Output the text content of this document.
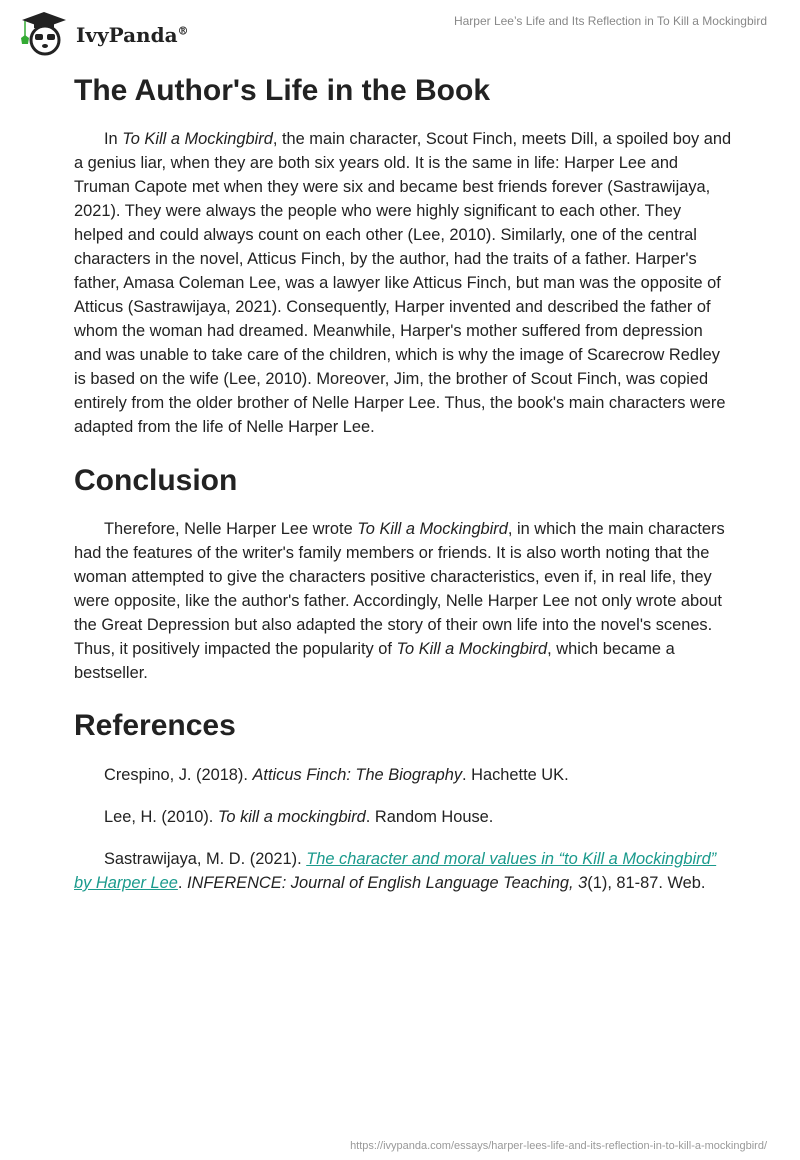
IvyPanda®
Harper Lee’s Life and Its Reflection in To Kill a Mockingbird
The Author's Life in the Book

In To Kill a Mockingbird, the main character, Scout Finch, meets Dill, a spoiled boy and a genius liar, when they are both six years old. It is the same in life: Harper Lee and Truman Capote met when they were six and became best friends forever (Sastrawijaya, 2021). They were always the people who were highly significant to each other. They helped and could always count on each other (Lee, 2010). Similarly, one of the central characters in the novel, Atticus Finch, by the author, had the traits of a father. Harper's father, Amasa Coleman Lee, was a lawyer like Atticus Finch, but man was the opposite of Atticus (Sastrawijaya, 2021). Consequently, Harper invented and described the father of whom the woman had dreamed. Meanwhile, Harper's mother suffered from depression and was unable to take care of the children, which is why the image of Scarecrow Redley is based on the wife (Lee, 2010). Moreover, Jim, the brother of Scout Finch, was copied entirely from the older brother of Nelle Harper Lee. Thus, the book's main characters were adapted from the life of Nelle Harper Lee.

Conclusion

Therefore, Nelle Harper Lee wrote To Kill a Mockingbird, in which the main characters had the features of the writer's family members or friends. It is also worth noting that the woman attempted to give the characters positive characteristics, even if, in real life, they were opposite, like the author's father. Accordingly, Nelle Harper Lee not only wrote about the Great Depression but also adapted the story of their own life into the novel's scenes. Thus, it positively impacted the popularity of To Kill a Mockingbird, which became a bestseller.

References

Crespino, J. (2018). Atticus Finch: The Biography. Hachette UK.

Lee, H. (2010). To kill a mockingbird. Random House.

Sastrawijaya, M. D. (2021). The character and moral values in “to Kill a Mockingbird” by Harper Lee. INFERENCE: Journal of English Language Teaching, 3(1), 81-87. Web.

https://ivypanda.com/essays/harper-lees-life-and-its-reflection-in-to-kill-a-mockingbird/
